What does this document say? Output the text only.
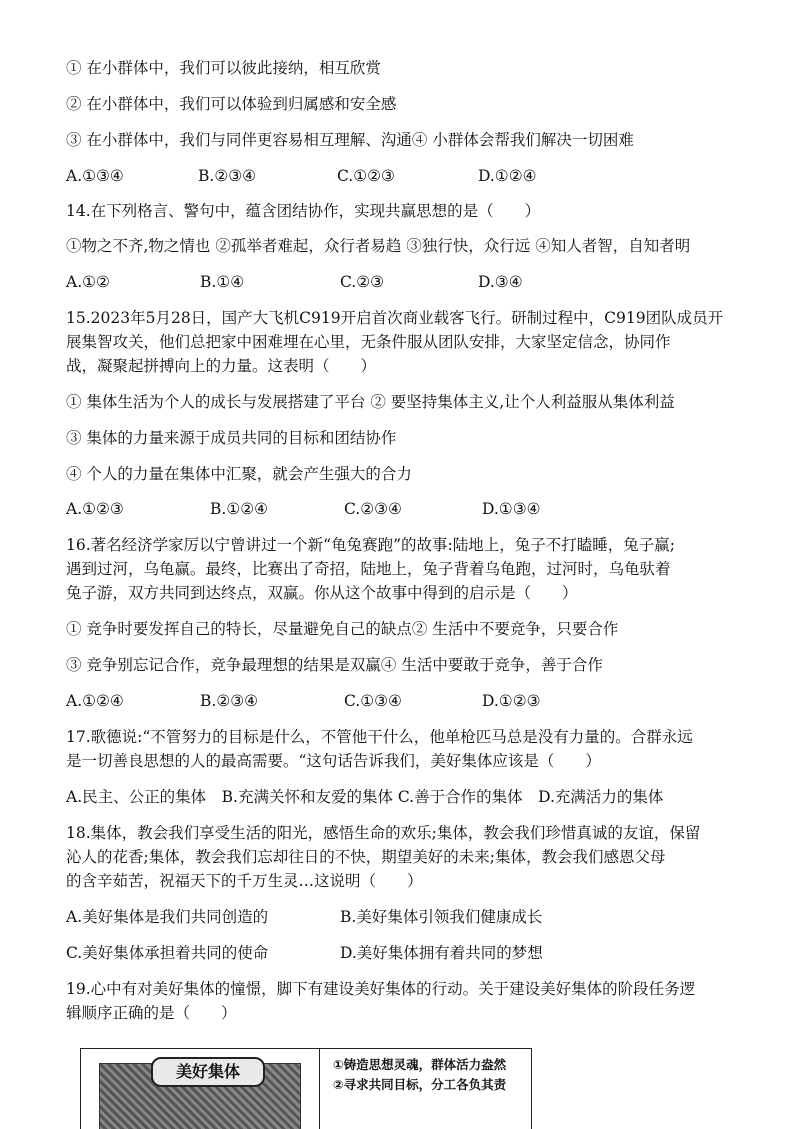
① 在小群体中，我们可以彼此接纳，相互欣赏
② 在小群体中，我们可以体验到归属感和安全感
③ 在小群体中，我们与同伴更容易相互理解、沟通④ 小群体会帮我们解决一切困难
A.①③④	B.②③④	C.①②③	D.①②④
14.在下列格言、警句中，蕴含团结协作，实现共赢思想的是（　　）
①物之不齐,物之情也 ②孤举者难起，众行者易趋 ③独行快，众行远 ④知人者智，自知者明
A.①②	B.①④	C.②③	D.③④
15.2023年5月28日，国产大飞机C919开启首次商业载客飞行。研制过程中，C919团队成员开
展集智攻关，他们总把家中困难埋在心里，无条件服从团队安排，大家坚定信念，协同作
战，凝聚起拼搏向上的力量。这表明（　　）
① 集体生活为个人的成长与发展搭建了平台 ② 要坚持集体主义,让个人利益服从集体利益
③ 集体的力量来源于成员共同的目标和团结协作
④ 个人的力量在集体中汇聚，就会产生强大的合力
A.①②③	B.①②④	C.②③④	D.①③④
16.著名经济学家厉以宁曾讲过一个新“龟兔赛跑”的故事:陆地上，兔子不打瞌睡，兔子赢;
遇到过河，乌龟赢。最终，比赛出了奇招，陆地上，兔子背着乌龟跑，过河时，乌龟驮着
兔子游，双方共同到达终点，双赢。你从这个故事中得到的启示是（　　）
① 竞争时要发挥自己的特长，尽量避免自己的缺点② 生活中不要竞争，只要合作
③ 竞争别忘记合作，竞争最理想的结果是双赢④ 生活中要敢于竞争，善于合作
A.①②④	B.②③④	C.①③④	D.①②③
17.歌德说:“不管努力的目标是什么，不管他干什么，他单枪匹马总是没有力量的。合群永远
是一切善良思想的人的最高需要。“这句话告诉我们，美好集体应该是（　　）
A.民主、公正的集体　B.充满关怀和友爱的集体 C.善于合作的集体　D.充满活力的集体
18.集体，教会我们享受生活的阳光，感悟生命的欢乐;集体，教会我们珍惜真诚的友谊，保留
沁人的花香;集体，教会我们忘却往日的不快，期望美好的未来;集体，教会我们感恩父母
的含辛茹苦，祝福天下的千万生灵…这说明（　　）
A.美好集体是我们共同创造的	B.美好集体引领我们健康成长
C.美好集体承担着共同的使命	D.美好集体拥有着共同的梦想
19.心中有对美好集体的憧憬，脚下有建设美好集体的行动。关于建设美好集体的阶段任务逻
辑顺序正确的是（　　）
美好集体	①铸造思想灵魂，群体活力盎然
②寻求共同目标，分工各负其责
